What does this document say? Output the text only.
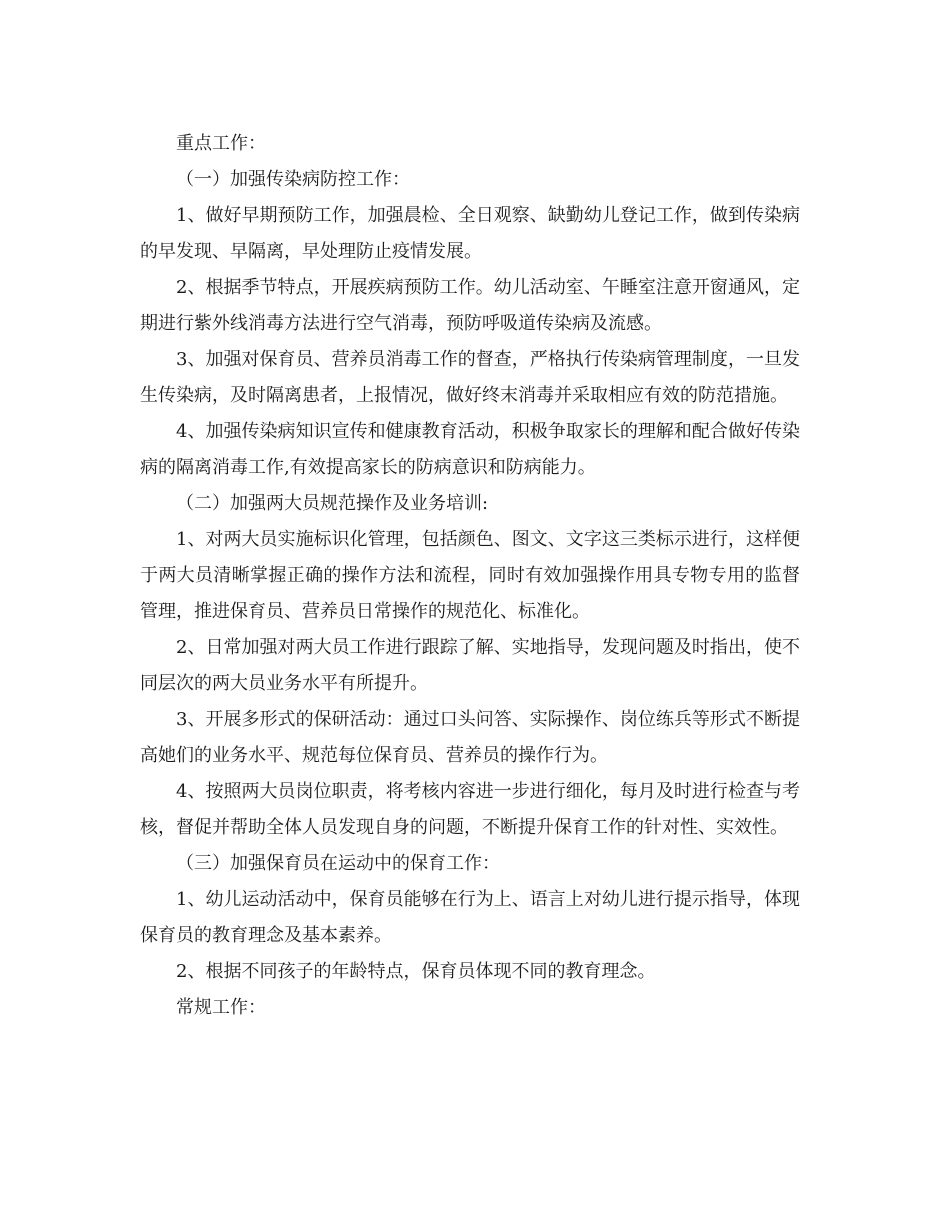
重点工作：

（一）加强传染病防控工作：

1、做好早期预防工作，加强晨检、全日观察、缺勤幼儿登记工作，做到传染病的早发现、早隔离，早处理防止疫情发展。

2、根据季节特点，开展疾病预防工作。幼儿活动室、午睡室注意开窗通风，定期进行紫外线消毒方法进行空气消毒，预防呼吸道传染病及流感。

3、加强对保育员、营养员消毒工作的督查，严格执行传染病管理制度，一旦发生传染病，及时隔离患者，上报情况，做好终末消毒并采取相应有效的防范措施。

4、加强传染病知识宣传和健康教育活动，积极争取家长的理解和配合做好传染病的隔离消毒工作,有效提高家长的防病意识和防病能力。

（二）加强两大员规范操作及业务培训:

1、对两大员实施标识化管理，包括颜色、图文、文字这三类标示进行，这样便于两大员清晰掌握正确的操作方法和流程，同时有效加强操作用具专物专用的监督管理，推进保育员、营养员日常操作的规范化、标准化。

2、日常加强对两大员工作进行跟踪了解、实地指导，发现问题及时指出，使不同层次的两大员业务水平有所提升。

3、开展多形式的保研活动：通过口头问答、实际操作、岗位练兵等形式不断提高她们的业务水平、规范每位保育员、营养员的操作行为。

4、按照两大员岗位职责，将考核内容进一步进行细化，每月及时进行检查与考核，督促并帮助全体人员发现自身的问题，不断提升保育工作的针对性、实效性。

（三）加强保育员在运动中的保育工作：

1、幼儿运动活动中，保育员能够在行为上、语言上对幼儿进行提示指导，体现保育员的教育理念及基本素养。

2、根据不同孩子的年龄特点，保育员体现不同的教育理念。

常规工作：
